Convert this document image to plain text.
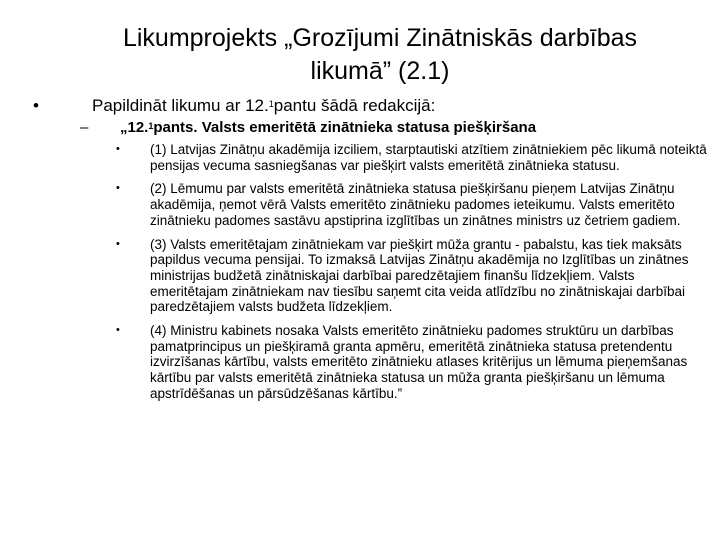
Likumprojekts „Grozījumi Zinātniskās darbības
likumā” (2.1)
•	Papildināt likumu ar 12.$^1$pantu šādā redakcijā:
– „12.$^1$pants. Valsts emeritētā zinātnieka statusa piešķiršana
• (1) Latvijas Zinātņu akadēmija izciliem, starptautiski atzītiem zinātniekiem pēc likumā noteiktā pensijas vecuma sasniegšanas var piešķirt valsts emeritētā zinātnieka statusu.
• (2) Lēmumu par valsts emeritētā zinātnieka statusa piešķiršanu pieņem Latvijas Zinātņu akadēmija, ņemot vērā Valsts emeritēto zinātnieku padomes ieteikumu. Valsts emeritēto zinātnieku padomes sastāvu apstiprina izglītības un zinātnes ministrs uz četriem gadiem.
• (3) Valsts emeritētajam zinātniekam var piešķirt mūža grantu - pabalstu, kas tiek maksāts papildus vecuma pensijai. To izmaksā Latvijas Zinātņu akadēmija no Izglītības un zinātnes ministrijas budžetā zinātniskajai darbībai paredzētajiem finanšu līdzekļiem. Valsts emeritētajam zinātniekam nav tiesību saņemt cita veida atlīdzību no zinātniskajai darbībai paredzētajiem valsts budžeta līdzekļiem.
• (4) Ministru kabinets nosaka Valsts emeritēto zinātnieku padomes struktūru un darbības pamatprincipus un piešķiramā granta apmēru, emeritētā zinātnieka statusa pretendentu izvirzīšanas kārtību, valsts emeritēto zinātnieku atlases kritērijus un lēmuma pieņemšanas kārtību par valsts emeritētā zinātnieka statusa un mūža granta piešķiršanu un lēmuma apstrīdēšanas un pārsūdzēšanas kārtību.”
